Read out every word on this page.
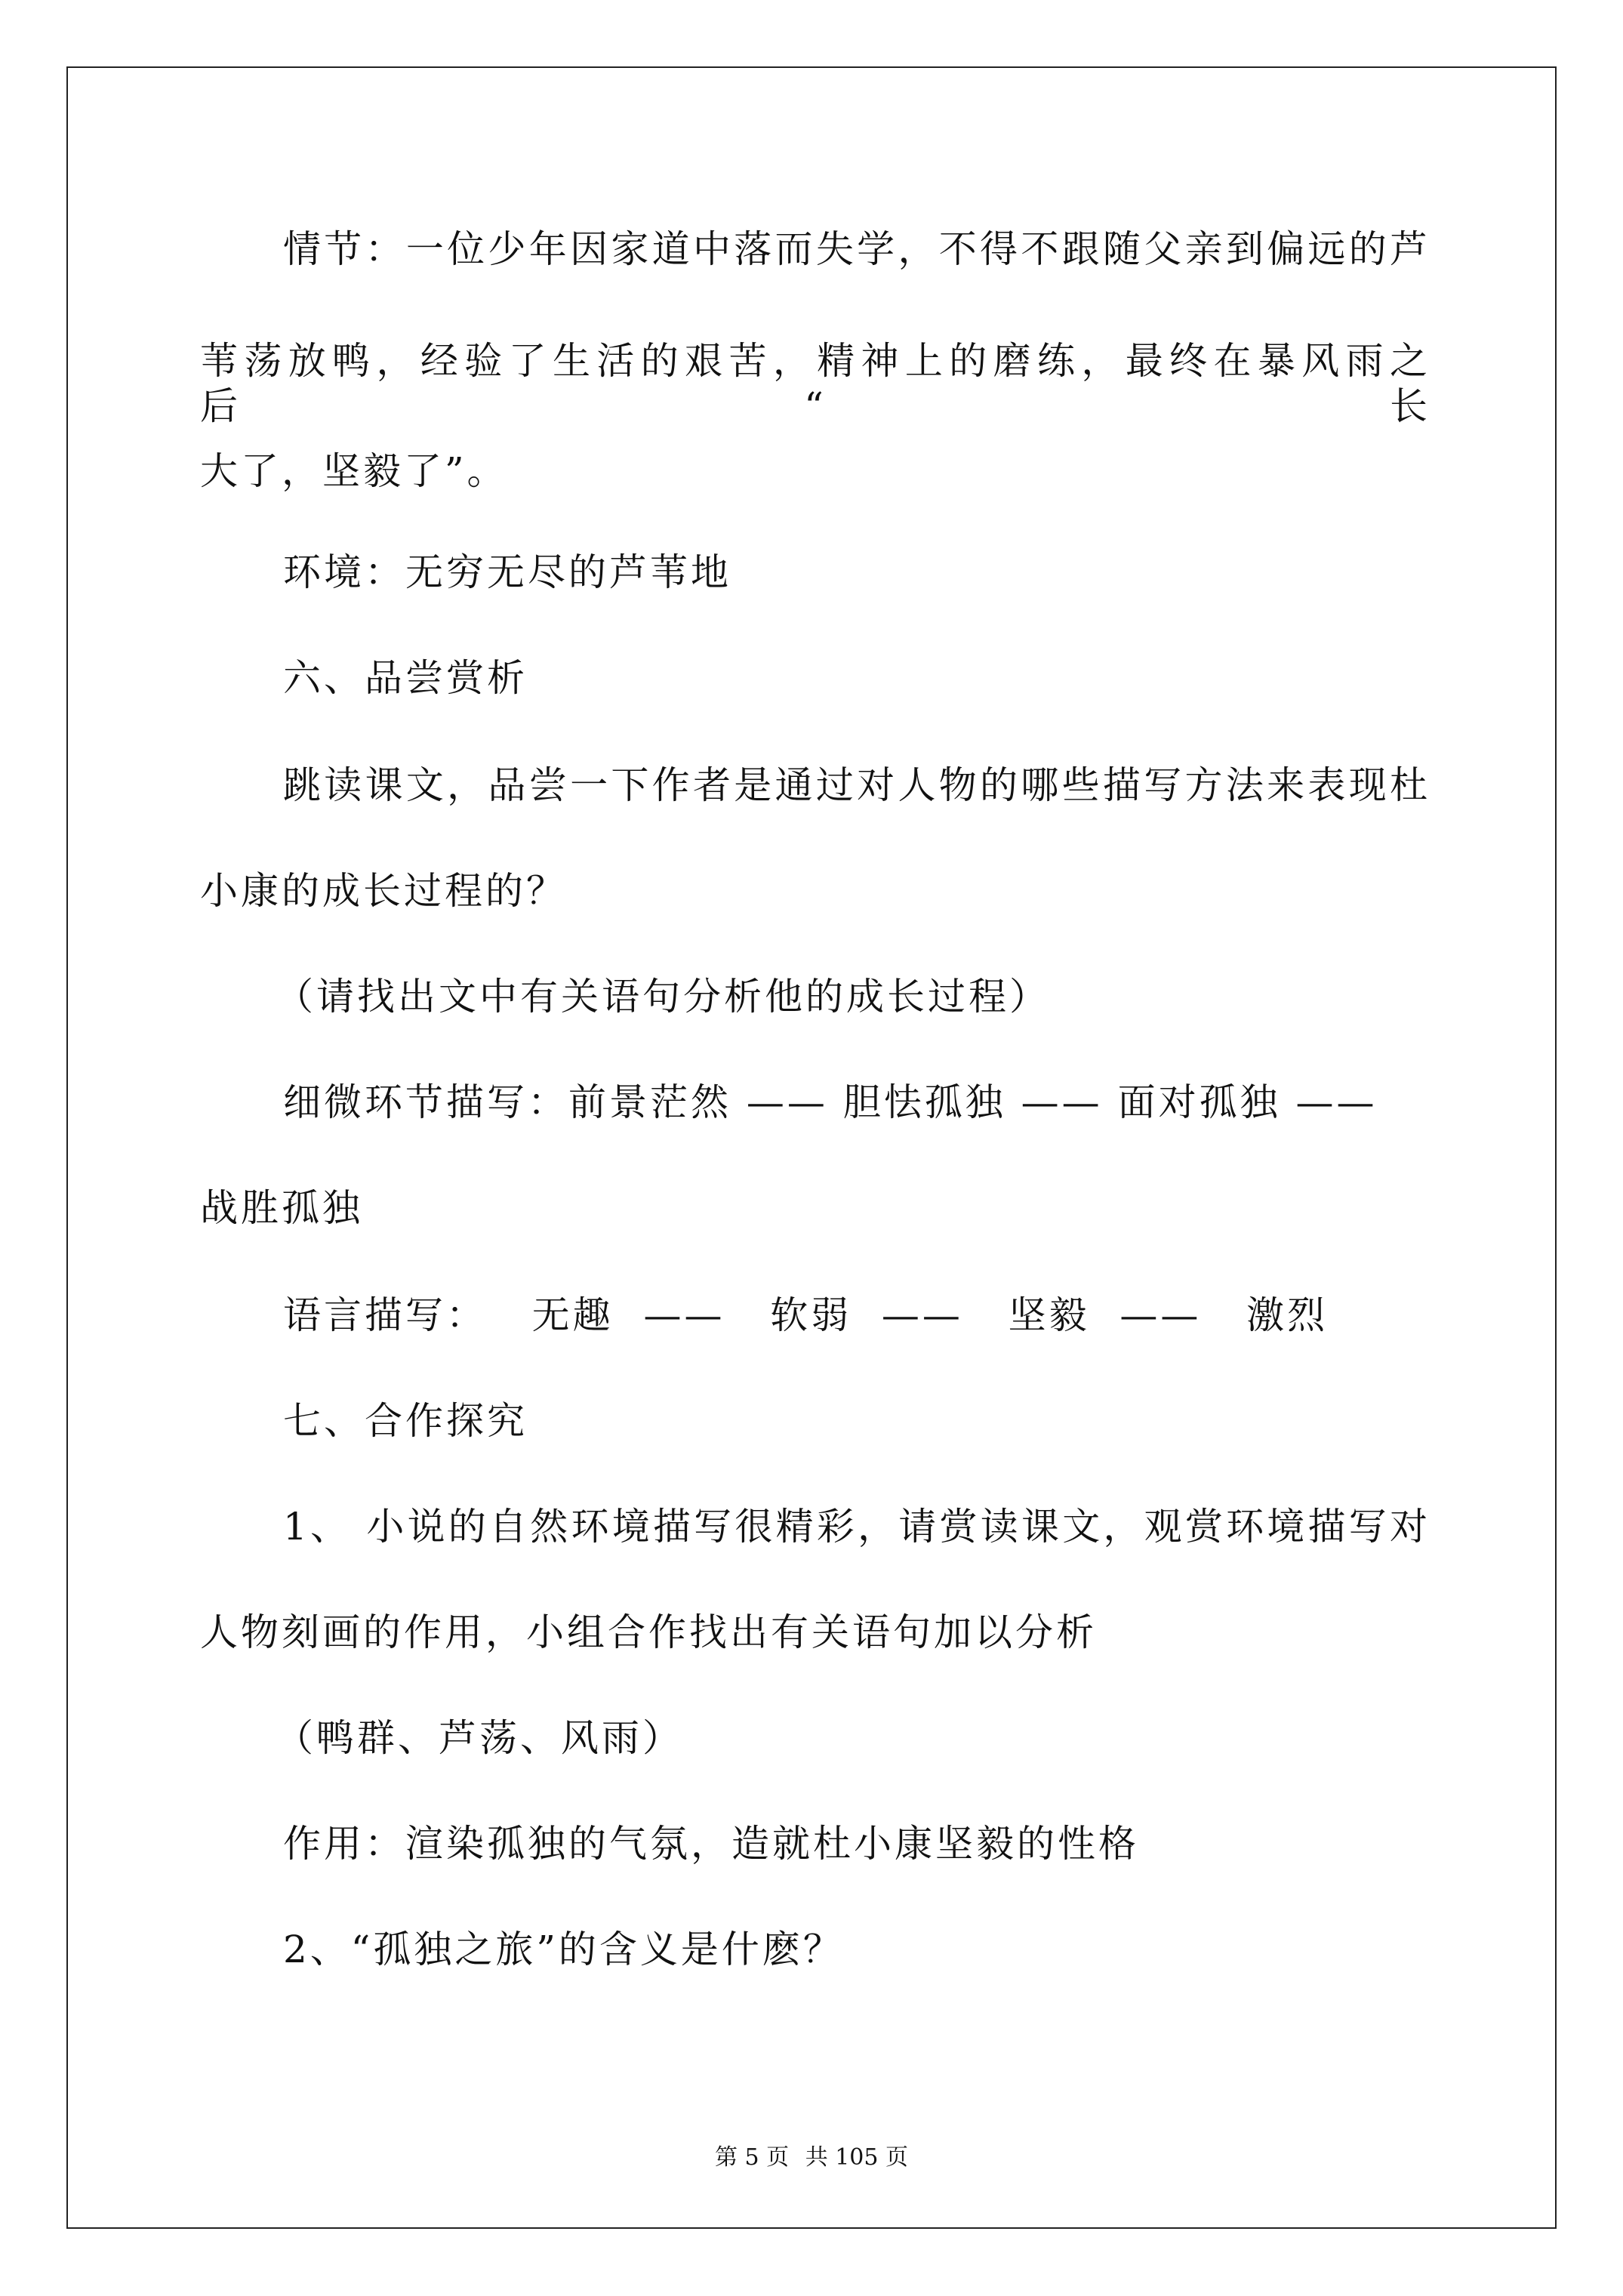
情节：一位少年因家道中落而失学，不得不跟随父亲到偏远的芦
苇荡放鸭，经验了生活的艰苦，精神上的磨练，最终在暴风雨之后“长
大了，坚毅了”。
环境：无穷无尽的芦苇地
六、品尝赏析
跳读课文，品尝一下作者是通过对人物的哪些描写方法来表现杜
小康的成长过程的？
（请找出文中有关语句分析他的成长过程）
细微环节描写：前景茫然 —— 胆怯孤独 —— 面对孤独 ——
战胜孤独
语言描写：   无趣  ——   软弱  ——   坚毅  ——   激烈
七、合作探究
1、 小说的自然环境描写很精彩，请赏读课文，观赏环境描写对
人物刻画的作用，小组合作找出有关语句加以分析
（鸭群、芦荡、风雨）
作用：渲染孤独的气氛，造就杜小康坚毅的性格
2、“孤独之旅”的含义是什麽？
第 5 页 共 105 页
